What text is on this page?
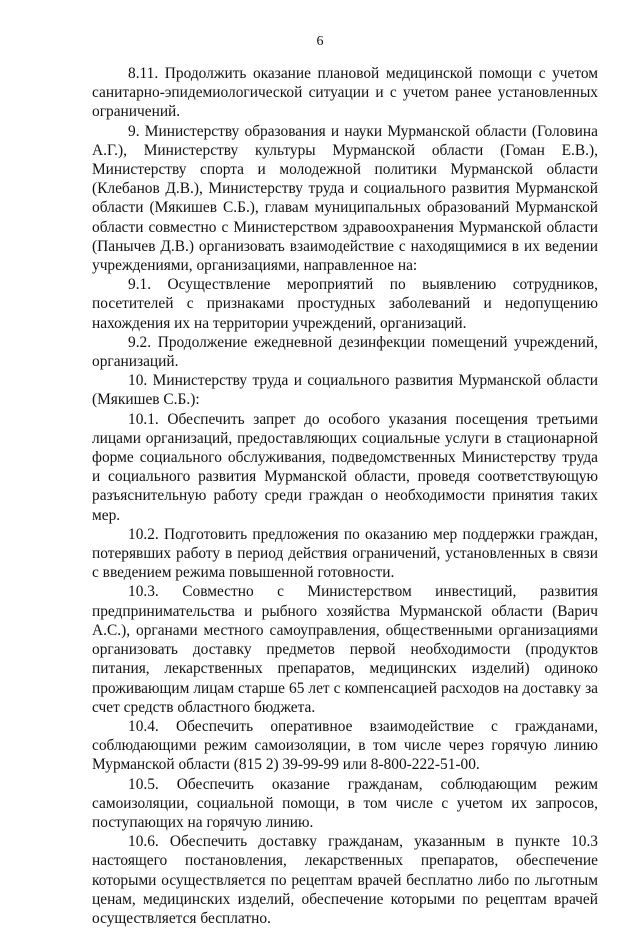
6

8.11. Продолжить оказание плановой медицинской помощи с учетом санитарно-эпидемиологической ситуации и с учетом ранее установленных ограничений.

9. Министерству образования и науки Мурманской области (Головина А.Г.), Министерству культуры Мурманской области (Гоман Е.В.), Министерству спорта и молодежной политики Мурманской области (Клебанов Д.В.), Министерству труда и социального развития Мурманской области (Мякишев С.Б.), главам муниципальных образований Мурманской области совместно с Министерством здравоохранения Мурманской области (Панычев Д.В.) организовать взаимодействие с находящимися в их ведении учреждениями, организациями, направленное на:

9.1. Осуществление мероприятий по выявлению сотрудников, посетителей с признаками простудных заболеваний и недопущению нахождения их на территории учреждений, организаций.

9.2. Продолжение ежедневной дезинфекции помещений учреждений, организаций.

10. Министерству труда и социального развития Мурманской области (Мякишев С.Б.):

10.1. Обеспечить запрет до особого указания посещения третьими лицами организаций, предоставляющих социальные услуги в стационарной форме социального обслуживания, подведомственных Министерству труда и социального развития Мурманской области, проведя соответствующую разъяснительную работу среди граждан о необходимости принятия таких мер.

10.2. Подготовить предложения по оказанию мер поддержки граждан, потерявших работу в период действия ограничений, установленных в связи с введением режима повышенной готовности.

10.3. Совместно с Министерством инвестиций, развития предпринимательства и рыбного хозяйства Мурманской области (Варич А.С.), органами местного самоуправления, общественными организациями организовать доставку предметов первой необходимости (продуктов питания, лекарственных препаратов, медицинских изделий) одиноко проживающим лицам старше 65 лет с компенсацией расходов на доставку за счет средств областного бюджета.

10.4. Обеспечить оперативное взаимодействие с гражданами, соблюдающими режим самоизоляции, в том числе через горячую линию Мурманской области (815 2) 39-99-99 или 8-800-222-51-00.

10.5. Обеспечить оказание гражданам, соблюдающим режим самоизоляции, социальной помощи, в том числе с учетом их запросов, поступающих на горячую линию.

10.6. Обеспечить доставку гражданам, указанным в пункте 10.3 настоящего постановления, лекарственных препаратов, обеспечение которыми осуществляется по рецептам врачей бесплатно либо по льготным ценам, медицинских изделий, обеспечение которыми по рецептам врачей осуществляется бесплатно.
